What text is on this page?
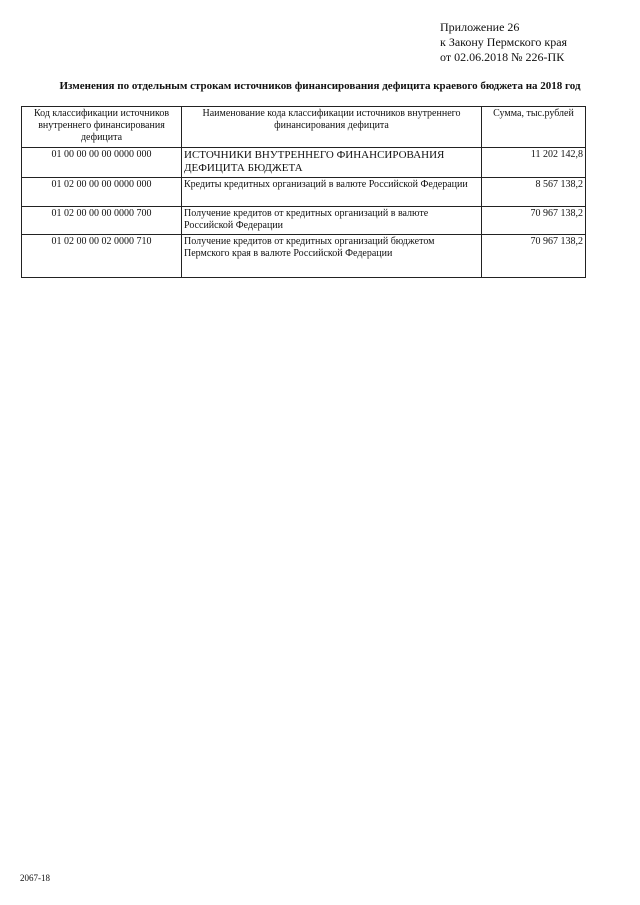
Приложение 26
к Закону Пермского края
от 02.06.2018 № 226-ПК
Изменения по отдельным строкам источников финансирования дефицита краевого бюджета на 2018 год
Код классификации источников внутреннего финансирования дефицита	Наименование кода классификации источников внутреннего финансирования дефицита	Сумма, тыс.рублей
01 00 00 00 00 0000 000	ИСТОЧНИКИ ВНУТРЕННЕГО ФИНАНСИРОВАНИЯ ДЕФИЦИТА БЮДЖЕТА	11 202 142,8
01 02 00 00 00 0000 000	Кредиты кредитных организаций в валюте Российской Федерации	8 567 138,2
01 02 00 00 00 0000 700	Получение кредитов от кредитных организаций в валюте Российской Федерации	70 967 138,2
01 02 00 00 02 0000 710	Получение кредитов от кредитных организаций бюджетом Пермского края в валюте Российской Федерации	70 967 138,2
2067-18
